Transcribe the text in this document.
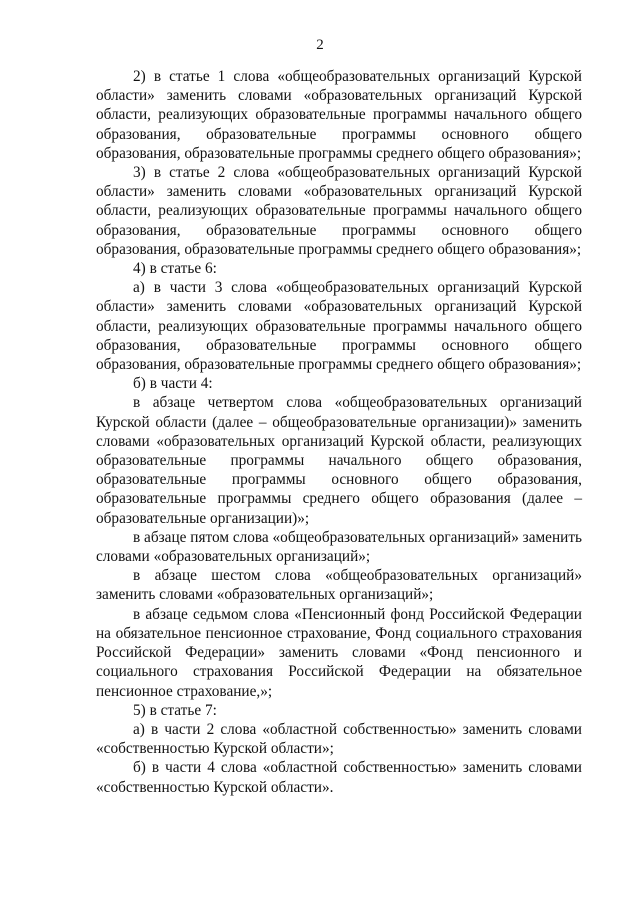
2

2) в статье 1 слова «общеобразовательных организаций Курской области» заменить словами «образовательных организаций Курской области, реализующих образовательные программы начального общего образования, образовательные программы основного общего образования, образовательные программы среднего общего образования»;

3) в статье 2 слова «общеобразовательных организаций Курской области» заменить словами «образовательных организаций Курской области, реализующих образовательные программы начального общего образования, образовательные программы основного общего образования, образовательные программы среднего общего образования»;

4) в статье 6:

а) в части 3 слова «общеобразовательных организаций Курской области» заменить словами «образовательных организаций Курской области, реализующих образовательные программы начального общего образования, образовательные программы основного общего образования, образовательные программы среднего общего образования»;

б) в части 4:

в абзаце четвертом слова «общеобразовательных организаций Курской области (далее – общеобразовательные организации)» заменить словами «образовательных организаций Курской области, реализующих образовательные программы начального общего образования, образовательные программы основного общего образования, образовательные программы среднего общего образования (далее – образовательные организации)»;

в абзаце пятом слова «общеобразовательных организаций» заменить словами «образовательных организаций»;

в абзаце шестом слова «общеобразовательных организаций» заменить словами «образовательных организаций»;

в абзаце седьмом слова «Пенсионный фонд Российской Федерации на обязательное пенсионное страхование, Фонд социального страхования Российской Федерации» заменить словами «Фонд пенсионного и социального страхования Российской Федерации на обязательное пенсионное страхование,»;

5) в статье 7:

а) в части 2 слова «областной собственностью» заменить словами «собственностью Курской области»;

б) в части 4 слова «областной собственностью» заменить словами «собственностью Курской области».
